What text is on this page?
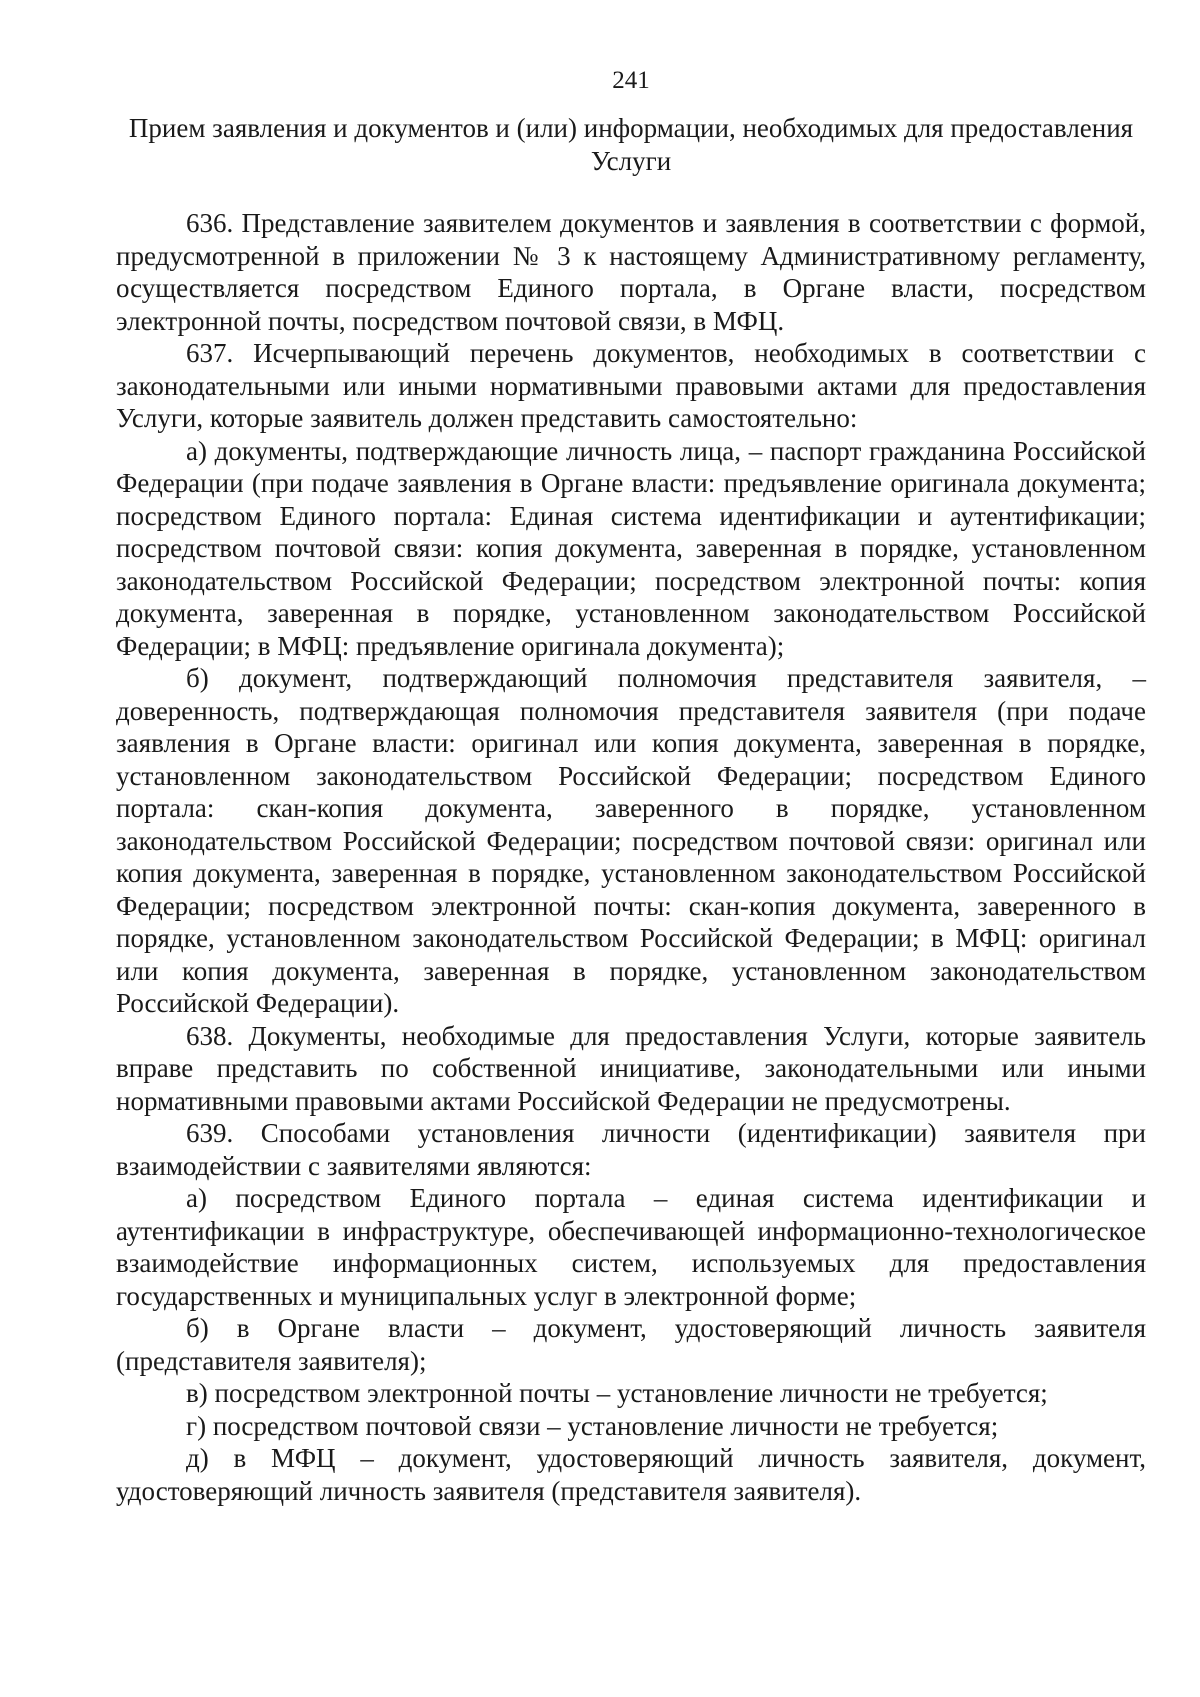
241
Прием заявления и документов и (или) информации, необходимых для предоставления Услуги

636. Представление заявителем документов и заявления в соответствии с формой, предусмотренной в приложении № 3 к настоящему Административному регламенту, осуществляется посредством Единого портала, в Органе власти, посредством электронной почты, посредством почтовой связи, в МФЦ.

637. Исчерпывающий перечень документов, необходимых в соответствии с законодательными или иными нормативными правовыми актами для предоставления Услуги, которые заявитель должен представить самостоятельно:

а) документы, подтверждающие личность лица, – паспорт гражданина Российской Федерации (при подаче заявления в Органе власти: предъявление оригинала документа; посредством Единого портала: Единая система идентификации и аутентификации; посредством почтовой связи: копия документа, заверенная в порядке, установленном законодательством Российской Федерации; посредством электронной почты: копия документа, заверенная в порядке, установленном законодательством Российской Федерации; в МФЦ: предъявление оригинала документа);

б) документ, подтверждающий полномочия представителя заявителя, – доверенность, подтверждающая полномочия представителя заявителя (при подаче заявления в Органе власти: оригинал или копия документа, заверенная в порядке, установленном законодательством Российской Федерации; посредством Единого портала: скан-копия документа, заверенного в порядке, установленном законодательством Российской Федерации; посредством почтовой связи: оригинал или копия документа, заверенная в порядке, установленном законодательством Российской Федерации; посредством электронной почты: скан-копия документа, заверенного в порядке, установленном законодательством Российской Федерации; в МФЦ: оригинал или копия документа, заверенная в порядке, установленном законодательством Российской Федерации).

638. Документы, необходимые для предоставления Услуги, которые заявитель вправе представить по собственной инициативе, законодательными или иными нормативными правовыми актами Российской Федерации не предусмотрены.

639. Способами установления личности (идентификации) заявителя при взаимодействии с заявителями являются:

а) посредством Единого портала – единая система идентификации и аутентификации в инфраструктуре, обеспечивающей информационно-технологическое взаимодействие информационных систем, используемых для предоставления государственных и муниципальных услуг в электронной форме;

б) в Органе власти – документ, удостоверяющий личность заявителя (представителя заявителя);

в) посредством электронной почты – установление личности не требуется;

г) посредством почтовой связи – установление личности не требуется;

д) в МФЦ – документ, удостоверяющий личность заявителя, документ, удостоверяющий личность заявителя (представителя заявителя).
